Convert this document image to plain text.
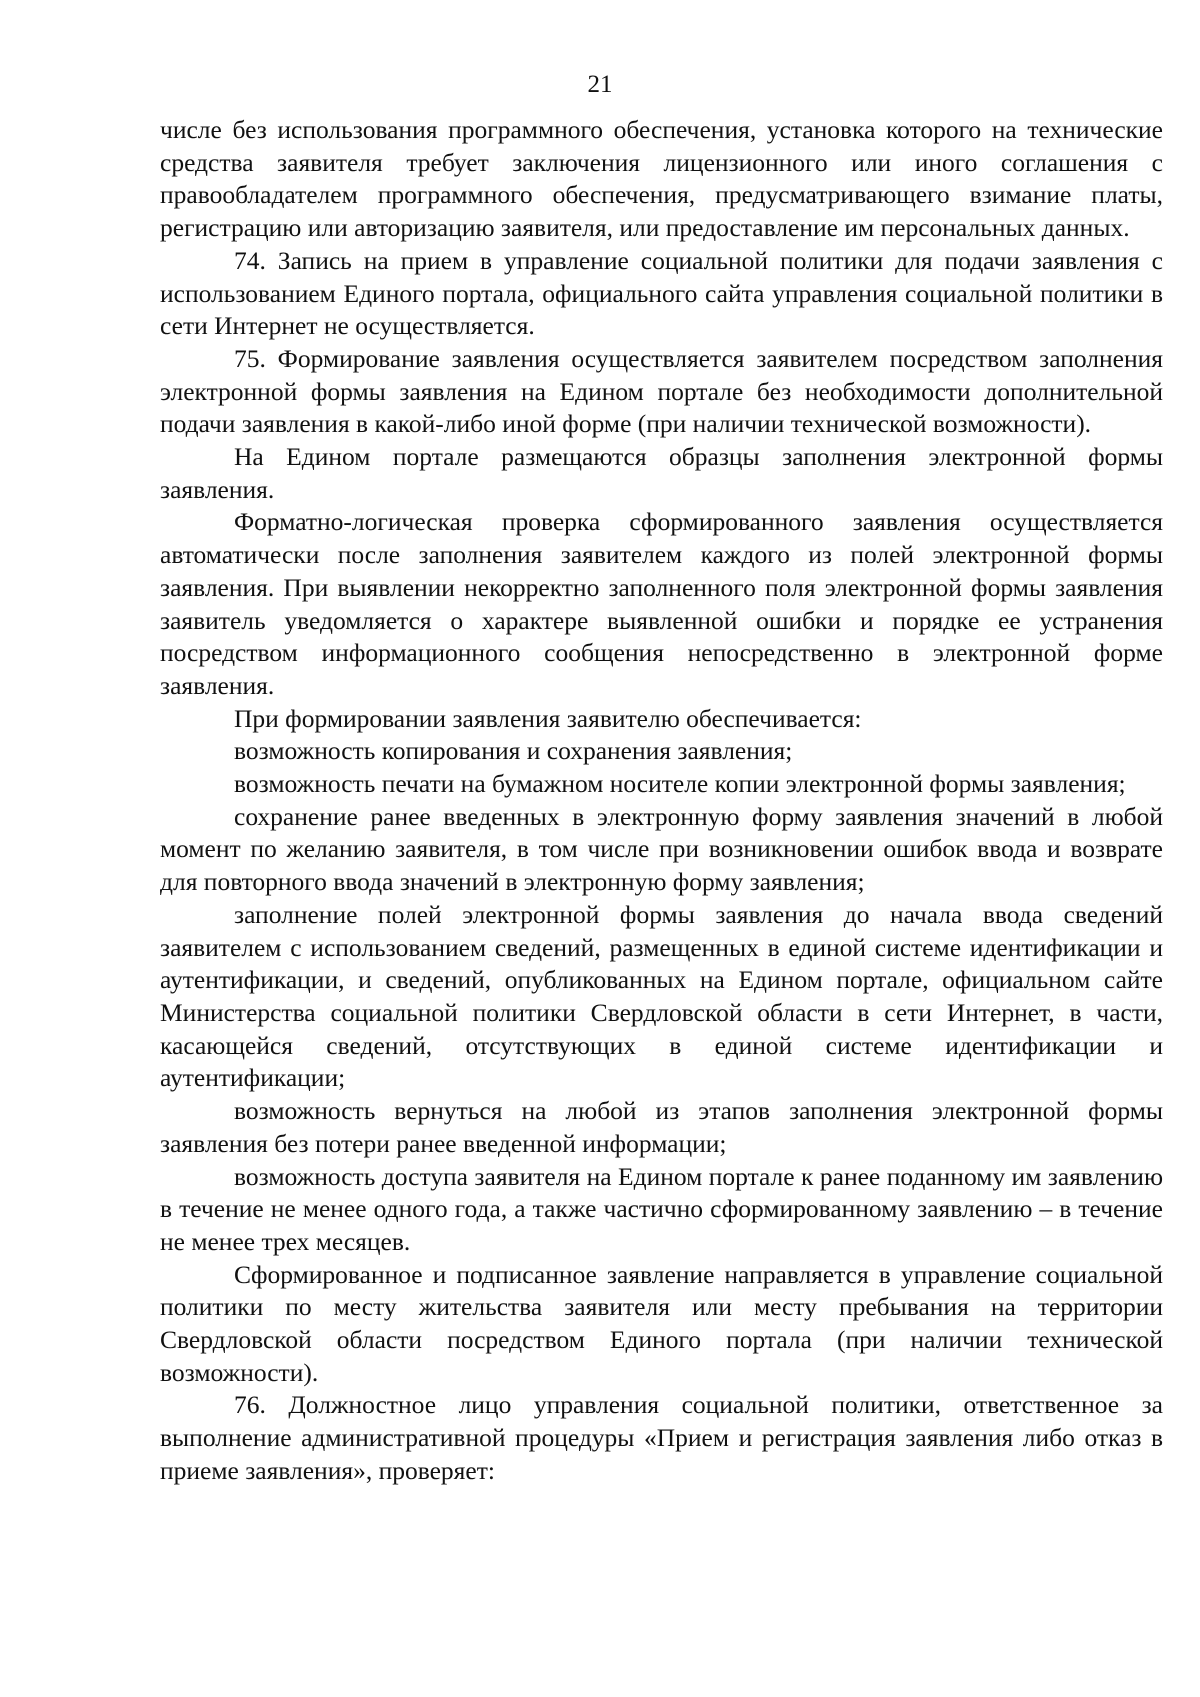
21

числе без использования программного обеспечения, установка которого на технические средства заявителя требует заключения лицензионного или иного соглашения с правообладателем программного обеспечения, предусматривающего взимание платы, регистрацию или авторизацию заявителя, или предоставление им персональных данных.

74. Запись на прием в управление социальной политики для подачи заявления с использованием Единого портала, официального сайта управления социальной политики в сети Интернет не осуществляется.

75. Формирование заявления осуществляется заявителем посредством заполнения электронной формы заявления на Едином портале без необходимости дополнительной подачи заявления в какой-либо иной форме (при наличии технической возможности).

На Едином портале размещаются образцы заполнения электронной формы заявления.

Форматно-логическая проверка сформированного заявления осуществляется автоматически после заполнения заявителем каждого из полей электронной формы заявления. При выявлении некорректно заполненного поля электронной формы заявления заявитель уведомляется о характере выявленной ошибки и порядке ее устранения посредством информационного сообщения непосредственно в электронной форме заявления.

При формировании заявления заявителю обеспечивается:

возможность копирования и сохранения заявления;

возможность печати на бумажном носителе копии электронной формы заявления;

сохранение ранее введенных в электронную форму заявления значений в любой момент по желанию заявителя, в том числе при возникновении ошибок ввода и возврате для повторного ввода значений в электронную форму заявления;

заполнение полей электронной формы заявления до начала ввода сведений заявителем с использованием сведений, размещенных в единой системе идентификации и аутентификации, и сведений, опубликованных на Едином портале, официальном сайте Министерства социальной политики Свердловской области в сети Интернет, в части, касающейся сведений, отсутствующих в единой системе идентификации и аутентификации;

возможность вернуться на любой из этапов заполнения электронной формы заявления без потери ранее введенной информации;

возможность доступа заявителя на Едином портале к ранее поданному им заявлению в течение не менее одного года, а также частично сформированному заявлению – в течение не менее трех месяцев.

Сформированное и подписанное заявление направляется в управление социальной политики по месту жительства заявителя или месту пребывания на территории Свердловской области посредством Единого портала (при наличии технической возможности).

76. Должностное лицо управления социальной политики, ответственное за выполнение административной процедуры «Прием и регистрация заявления либо отказ в приеме заявления», проверяет:
